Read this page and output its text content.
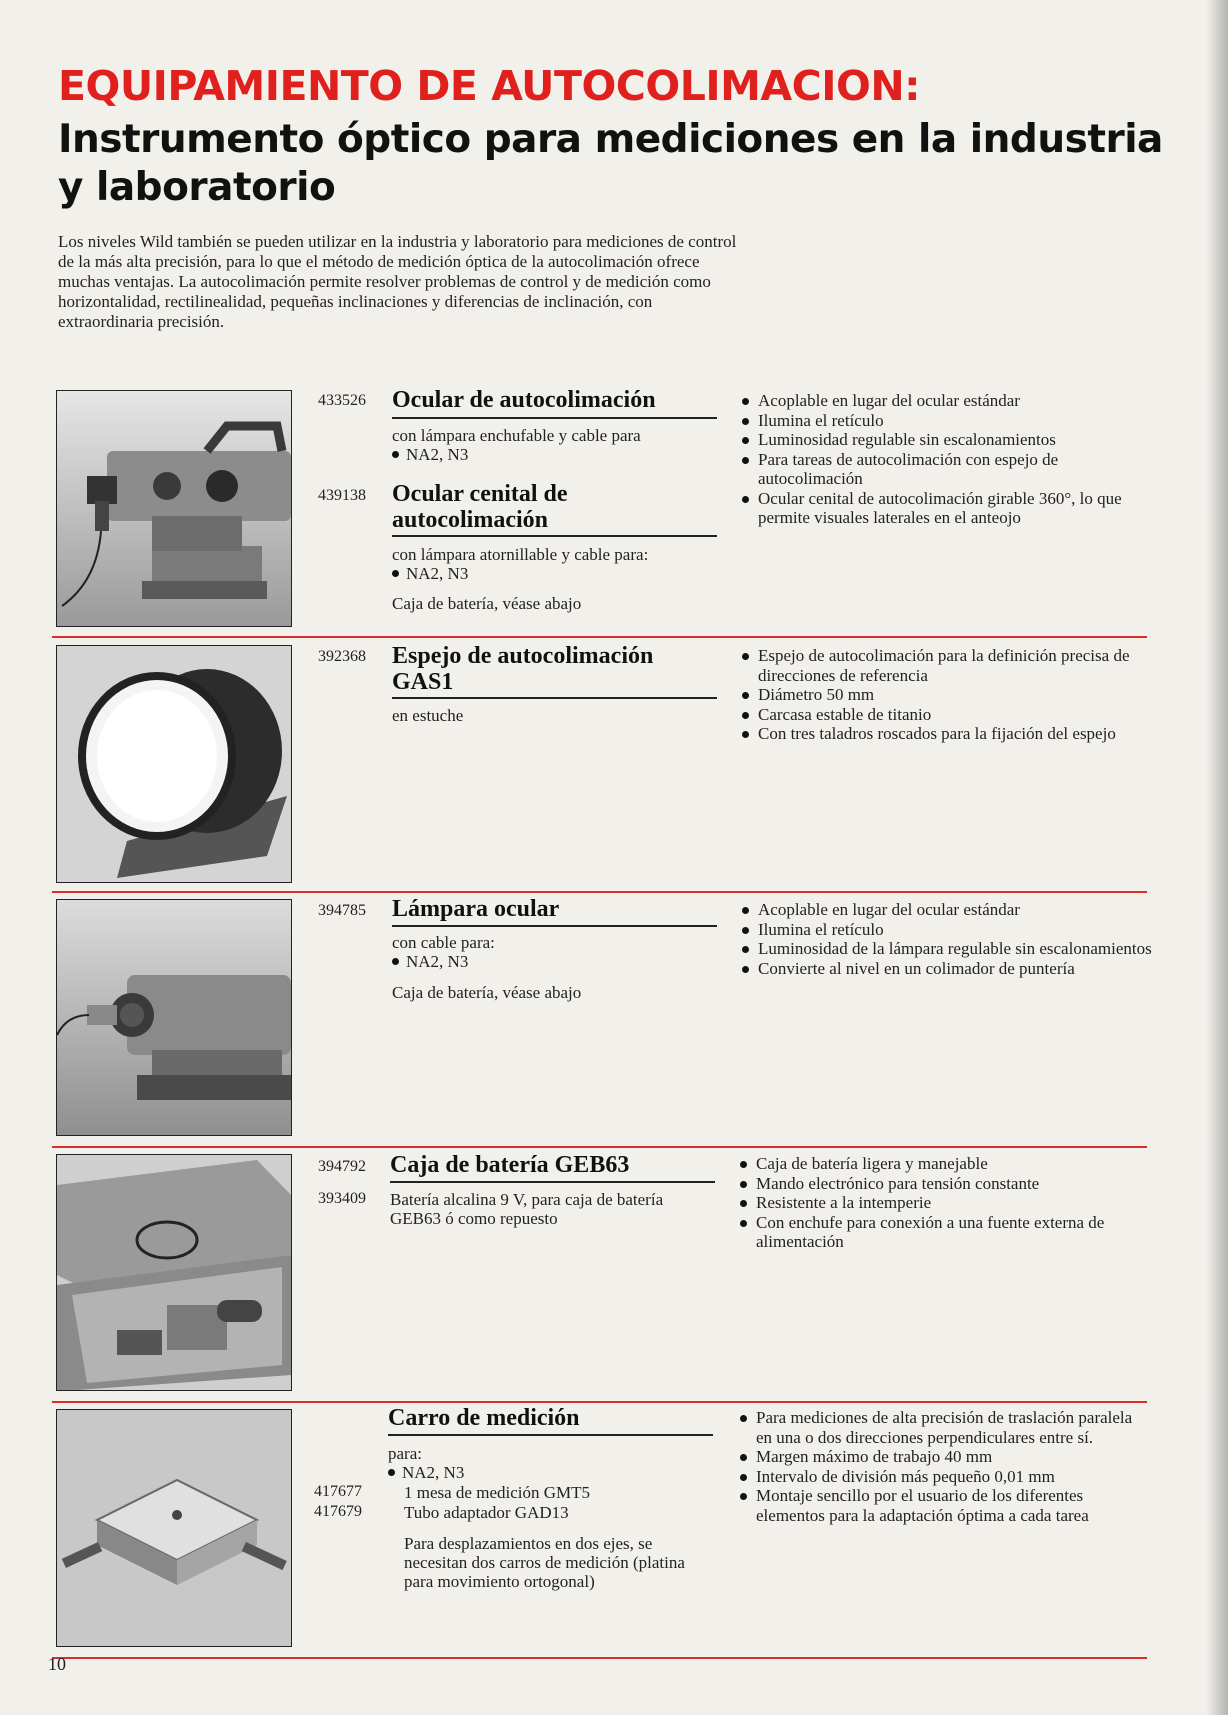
EQUIPAMIENTO DE AUTOCOLIMACION:
Instrumento óptico para mediciones en la industria y laboratorio
Los niveles Wild también se pueden utilizar en la industria y laboratorio para mediciones de control de la más alta precisión, para lo que el método de medición óptica de la autocolimación ofrece muchas ventajas. La autocolimación permite resolver problemas de control y de medición como horizontalidad, rectilinealidad, pequeñas inclinaciones y diferencias de inclinación, con extraordinaria precisión.
433526 Ocular de autocolimación
con lámpara enchufable y cable para
NA2, N3
439138 Ocular cenital de autocolimación
con lámpara atornillable y cable para:
NA2, N3
Caja de batería, véase abajo
Acoplable en lugar del ocular estándar
Ilumina el retículo
Luminosidad regulable sin escalonamientos
Para tareas de autocolimación con espejo de autocolimación
Ocular cenital de autocolimación girable 360°, lo que permite visuales laterales en el anteojo
392368 Espejo de autocolimación GAS1
en estuche
Espejo de autocolimación para la definición precisa de direcciones de referencia
Diámetro 50 mm
Carcasa estable de titanio
Con tres taladros roscados para la fijación del espejo
394785 Lámpara ocular
con cable para:
NA2, N3
Caja de batería, véase abajo
Acoplable en lugar del ocular estándar
Ilumina el retículo
Luminosidad de la lámpara regulable sin escalonamientos
Convierte al nivel en un colimador de puntería
394792 Caja de batería GEB63
393409 Batería alcalina 9 V, para caja de batería GEB63 ó como repuesto
Caja de batería ligera y manejable
Mando electrónico para tensión constante
Resistente a la intemperie
Con enchufe para conexión a una fuente externa de alimentación
Carro de medición
para:
NA2, N3
417677 1 mesa de medición GMT5
417679 Tubo adaptador GAD13
Para desplazamientos en dos ejes, se necesitan dos carros de medición (platina para movimiento ortogonal)
Para mediciones de alta precisión de traslación paralela en una o dos direcciones perpendiculares entre sí.
Margen máximo de trabajo 40 mm
Intervalo de división más pequeño 0,01 mm
Montaje sencillo por el usuario de los diferentes elementos para la adaptación óptima a cada tarea
10
